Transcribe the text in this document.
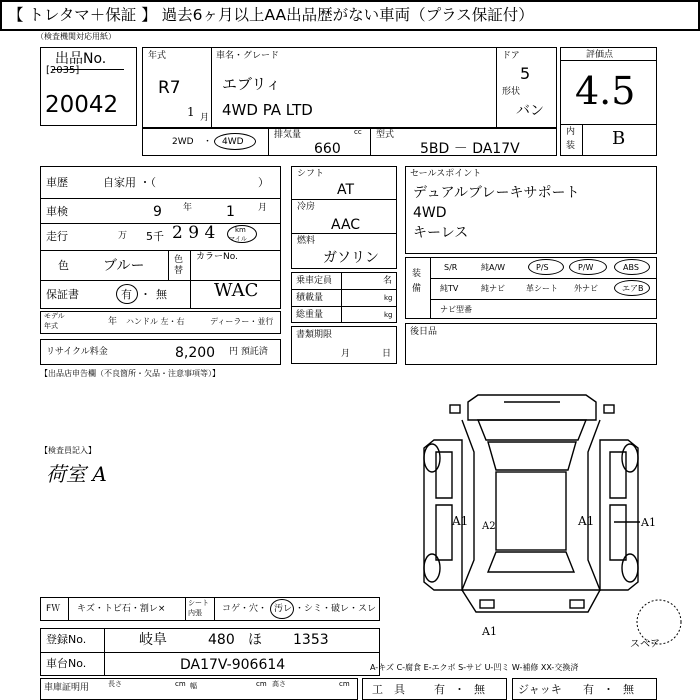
【 トレタマ＋保証 】 過去6ヶ月以上AA出品歴がない車両（プラス保証付）
（検査機関対応用紙）
出品No.
[2035]
20042
年式
R7
1 月
車名・グレード
エブリィ
4WD PA LTD
ドア
5
形状
バン
評価点
4.5
内
装 B
2WD ・ 4WD
排気量	cc
660
型式
5BD － DA17V
車歴	自家用 ・（	）
車検	9 年 1	月
走行	万 5千 2 9 4	km
マイル
色 ブルー	色
替
カラーNo.
保証書	有 ・ 無	WAC
モデル
年式	年 ハンドル 左・右	ディーラー・並行
シフト
AT
冷房
AAC
燃料
ガソリン
乗車定員	名
積載量	kg
総重量	kg
書類期限
月	日
セールスポイント
デュアルブレーキサポート
4WD
キーレス
装
備
S/R	純A/W	P/S	P/W	ABS
純TV	純ナビ	革シート 外ナビ	エアB
ナビ型番
後日品
リサイクル料金	8,200 円 預託済
【出品店申告欄（不良箇所・欠品・注意事項等）】
【検査員記入】
荷室 A
A1 A2	A1	A1
A1
スペア
FＷ キズ・トビ石・割レ×
シート
内張 コゲ・穴・ 汚レ ・シミ・破レ・スレ
登録No.	岐阜	480 ほ 1353
車台No.	DA17V-906614	A-キズ C-腐食 E-エクボ S-サビ U-凹ミ W-補修 XX-交換済
車庫証明用	長さ	cm 幅	cm 高さ	cm 工　具	有 ・ 無	ジャッキ 有 ・ 無
